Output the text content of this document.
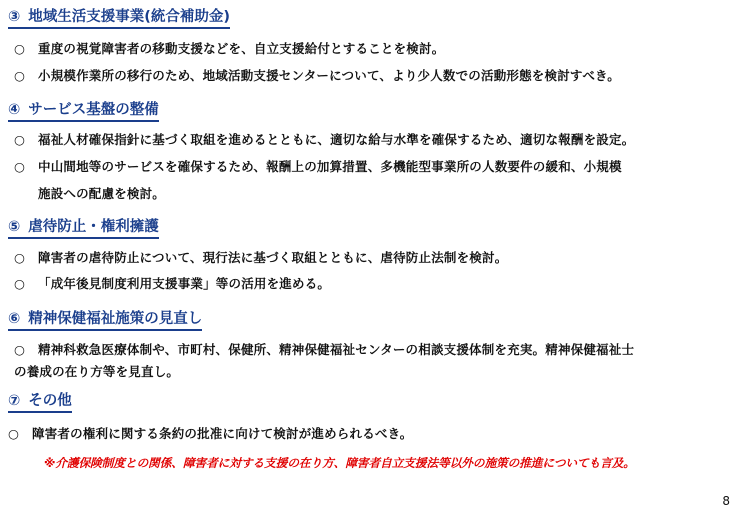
③ 地域生活支援事業(統合補助金)
○ 重度の視覚障害者の移動支援などを、自立支援給付とすることを検討。
○ 小規模作業所の移行のため、地域活動支援センターについて、より少人数での活動形態を検討すべき。
④ サービス基盤の整備
○ 福祉人材確保指針に基づく取組を進めるとともに、適切な給与水準を確保するため、適切な報酬を設定。
○ 中山間地等のサービスを確保するため、報酬上の加算措置、多機能型事業所の人数要件の緩和、小規模
施設への配慮を検討。
⑤ 虐待防止・権利擁護
○ 障害者の虐待防止について、現行法に基づく取組とともに、虐待防止法制を検討。
○ 「成年後見制度利用支援事業」等の活用を進める。
⑥ 精神保健福祉施策の見直し
○ 精神科救急医療体制や、市町村、保健所、精神保健福祉センターの相談支援体制を充実。精神保健福祉士
の養成の在り方等を見直し。
⑦ その他
○ 障害者の権利に関する条約の批准に向けて検討が進められるべき。
※介護保険制度との関係、障害者に対する支援の在り方、障害者自立支援法等以外の施策の推進についても言及。
8
